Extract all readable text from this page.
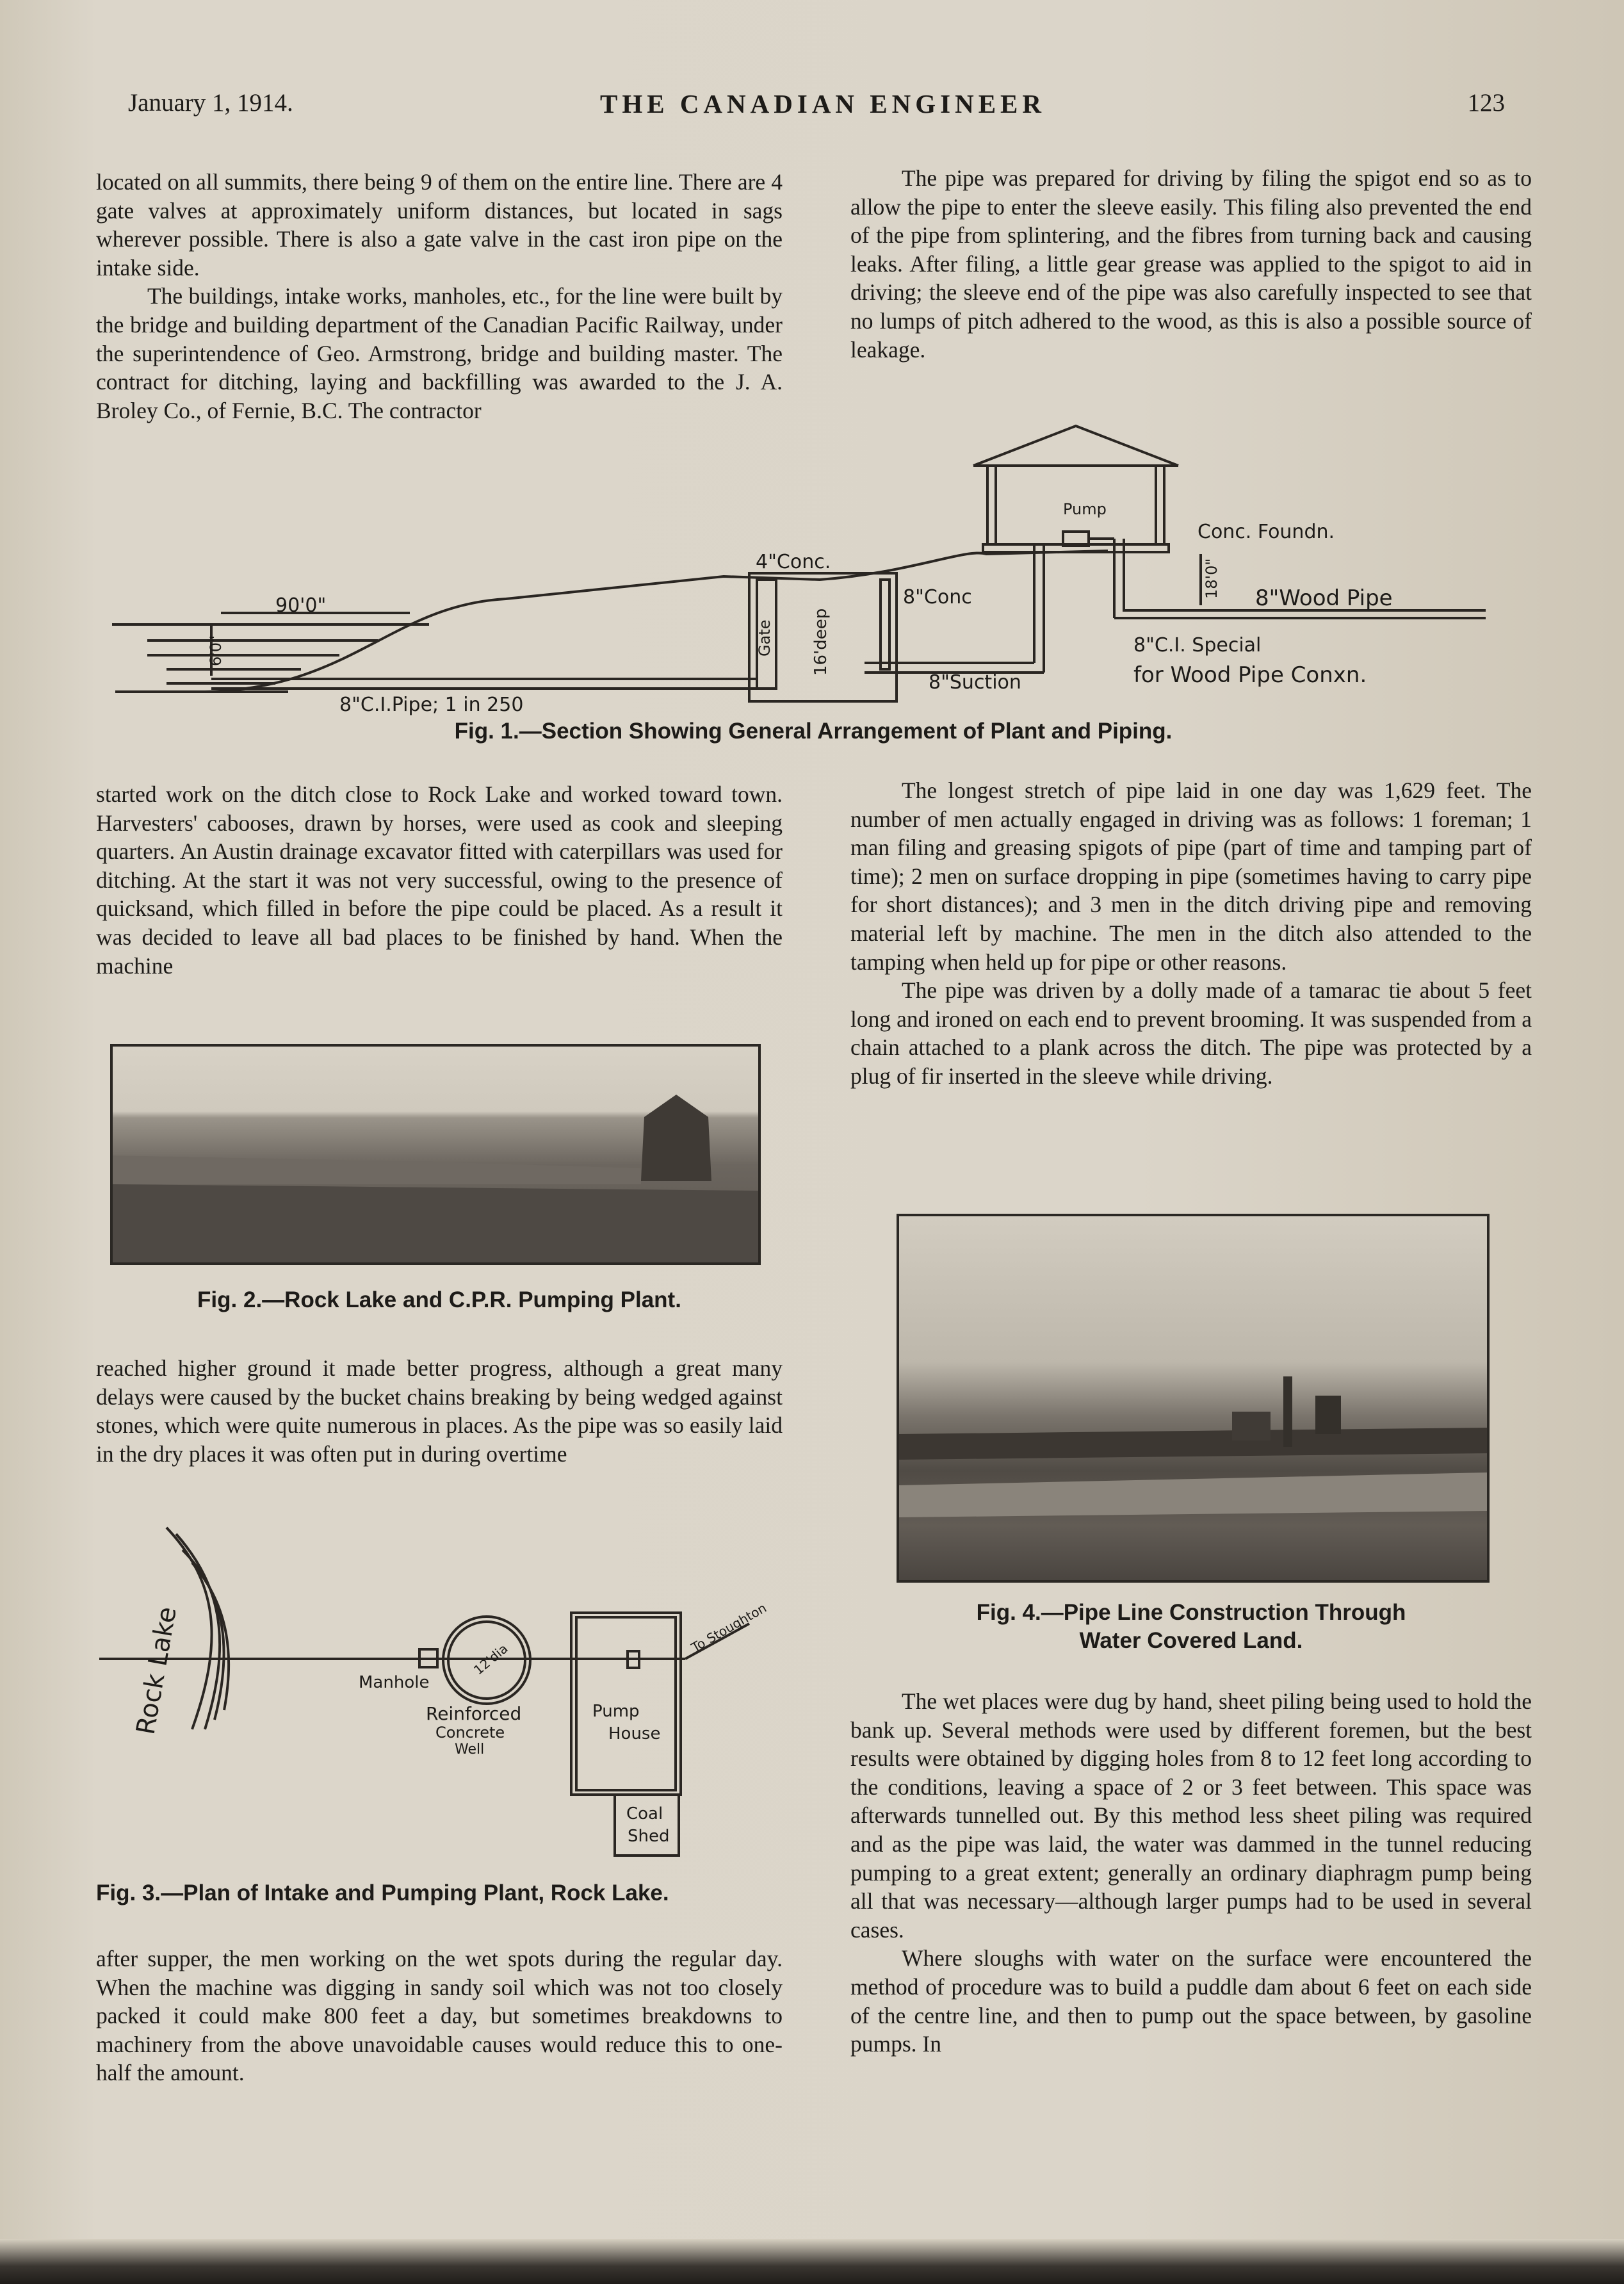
January 1, 1914.	THE CANADIAN ENGINEER	123

located on all summits, there being 9 of them on the entire line. There are 4 gate valves at approximately uniform distances, but located in sags wherever possible. There is also a gate valve in the cast iron pipe on the intake side.

The buildings, intake works, manholes, etc., for the line were built by the bridge and building department of the Canadian Pacific Railway, under the superintendence of Geo. Armstrong, bridge and building master. The contract for ditching, laying and backfilling was awarded to the J. A. Broley Co., of Fernie, B.C. The contractor

The pipe was prepared for driving by filing the spigot end so as to allow the pipe to enter the sleeve easily. This filing also prevented the end of the pipe from splintering, and the fibres from turning back and causing leaks. After filing, a little gear grease was applied to the spigot to aid in driving; the sleeve end of the pipe was also carefully inspected to see that no lumps of pitch adhered to the wood, as this is also a possible source of leakage.

90'0"
6'0"
8"C.I.Pipe; 1 in 250
4"Conc.
Gate 16'deep
8"Conc
8"Suction
Pump
Conc. Foundn.
18'0" 8"Wood Pipe
8"C.I. Special
for Wood Pipe Conxn.
Fig. 1.—Section Showing General Arrangement of Plant and Piping.

started work on the ditch close to Rock Lake and worked toward town. Harvesters' cabooses, drawn by horses, were used as cook and sleeping quarters. An Austin drainage excavator fitted with caterpillars was used for ditching. At the start it was not very successful, owing to the presence of quicksand, which filled in before the pipe could be placed. As a result it was decided to leave all bad places to be finished by hand. When the machine

Fig. 2.—Rock Lake and C.P.R. Pumping Plant.

reached higher ground it made better progress, although a great many delays were caused by the bucket chains breaking by being wedged against stones, which were quite numerous in places. As the pipe was so easily laid in the dry places it was often put in during overtime

Rock Lake	Manhole
12'dia
Reinforced
Concrete
Well
Pump
House
Coal
Shed
To Stoughton
Fig. 3.—Plan of Intake and Pumping Plant, Rock Lake.

after supper, the men working on the wet spots during the regular day. When the machine was digging in sandy soil which was not too closely packed it could make 800 feet a day, but sometimes breakdowns to machinery from the above unavoidable causes would reduce this to one-half the amount.

The longest stretch of pipe laid in one day was 1,629 feet. The number of men actually engaged in driving was as follows: 1 foreman; 1 man filing and greasing spigots of pipe (part of time and tamping part of time); 2 men on surface dropping in pipe (sometimes having to carry pipe for short distances); and 3 men in the ditch driving pipe and removing material left by machine. The men in the ditch also attended to the tamping when held up for pipe or other reasons.

The pipe was driven by a dolly made of a tamarac tie about 5 feet long and ironed on each end to prevent brooming. It was suspended from a chain attached to a plank across the ditch. The pipe was protected by a plug of fir inserted in the sleeve while driving.

Fig. 4.—Pipe Line Construction Through
Water Covered Land.

The wet places were dug by hand, sheet piling being used to hold the bank up. Several methods were used by different foremen, but the best results were obtained by digging holes from 8 to 12 feet long according to the conditions, leaving a space of 2 or 3 feet between. This space was afterwards tunnelled out. By this method less sheet piling was required and as the pipe was laid, the water was dammed in the tunnel reducing pumping to a great extent; generally an ordinary diaphragm pump being all that was necessary—although larger pumps had to be used in several cases.

Where sloughs with water on the surface were encountered the method of procedure was to build a puddle dam about 6 feet on each side of the centre line, and then to pump out the space between, by gasoline pumps. In
